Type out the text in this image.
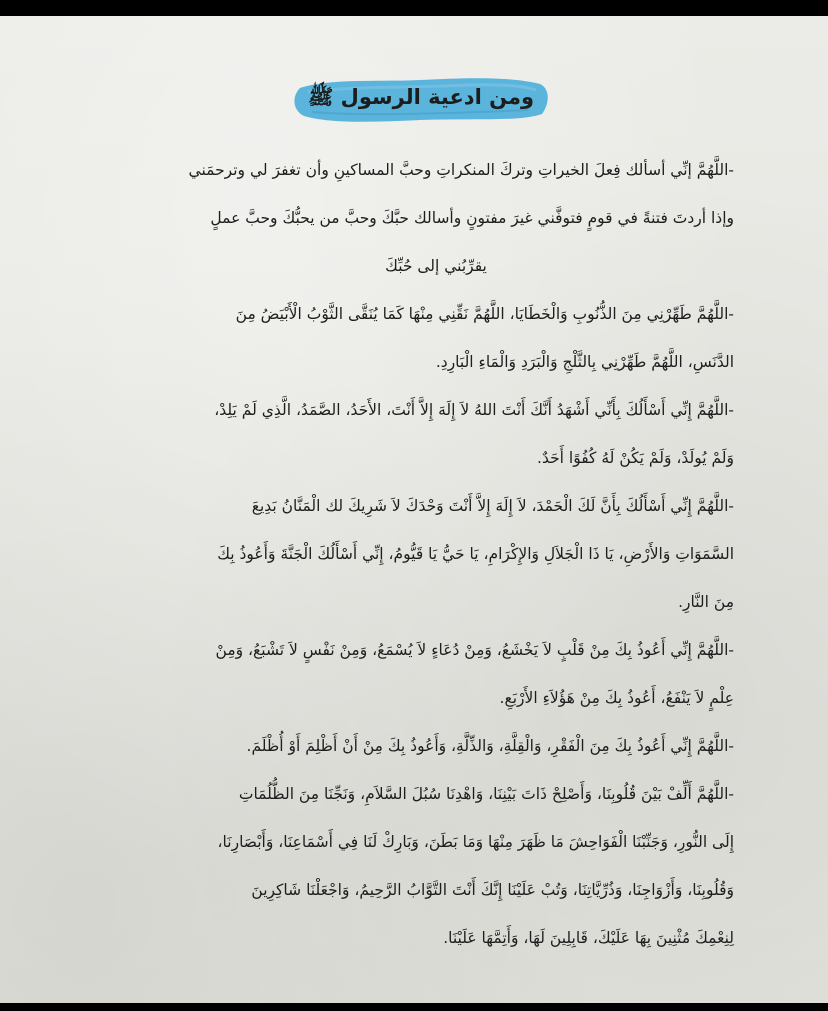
ومن ادعية الرسول ﷺ
-اللَّهُمَّ إنِّي أسألك فِعلَ الخيراتِ وتركَ المنكراتِ وحبَّ المساكينِ وأن تغفرَ لي وترحمَني
وإذا أردتَ فتنةً في قومٍ فتوفَّني غيرَ مفتونٍ وأسالك حبَّكَ وحبَّ من يحبُّكَ وحبَّ عملٍ
يقرِّبُني إلى حُبِّكَ
-اللَّهُمَّ طَهِّرْنِي مِنَ الذُّنُوبِ وَالْخَطَايَا، اللَّهُمَّ نَقِّنِي مِنْهَا كَمَا يُنَقَّى الثَّوْبُ الْأَبْيَضُ مِنَ
الدَّنَسِ، اللَّهُمَّ طَهِّرْنِي بِالثَّلْجِ وَالْبَرَدِ وَالْمَاءِ الْبَارِدِ.
-اللَّهُمَّ إِنِّي أَسْأَلُكَ بِأَنِّي أَشْهَدُ أَنَّكَ أَنْتَ اللهُ لاَ إِلَهَ إِلاَّ أَنْتَ، الأَحَدُ، الصَّمَدُ، الَّذِي لَمْ يَلِدْ،
وَلَمْ يُولَدْ، وَلَمْ يَكُنْ لَهُ كُفُوًا أَحَدٌ.
-اللَّهُمَّ إِنِّي أَسْأَلُكَ بِأَنَّ لَكَ الْحَمْدَ، لاَ إِلَهَ إِلاَّ أَنْتَ وَحْدَكَ لاَ شَرِيكَ لك الْمَنَّانُ بَدِيعَ
السَّمَوَاتِ وَالأَرْضِ، يَا ذَا الْجَلاَلِ وَالإِكْرَامِ، يَا حَيُّ يَا قَيُّومُ، إِنِّي أَسْأَلُكَ الْجَنَّةَ وَأَعُوذُ بِكَ
مِنَ النَّارِ.
-اللَّهُمَّ إِنِّي أَعُوذُ بِكَ مِنْ قَلْبٍ لاَ يَخْشَعُ، وَمِنْ دُعَاءٍ لاَ يُسْمَعُ، وَمِنْ نَفْسٍ لاَ تَشْبَعُ، وَمِنْ
عِلْمٍ لاَ يَنْفَعُ، أَعُوذُ بِكَ مِنْ هَؤُلاَءِ الأَرْبَعِ.
-اللَّهُمَّ إِنِّي أَعُوذُ بِكَ مِنَ الْفَقْرِ، وَالْقِلَّةِ، وَالذِّلَّةِ، وَأَعُوذُ بِكَ مِنْ أَنْ أَظْلِمَ أَوْ أُظْلَمَ.
-اللَّهُمَّ أَلِّفْ بَيْنَ قُلُوبِنَا، وَأَصْلِحْ ذَاتَ بَيْنِنَا، وَاهْدِنَا سُبُلَ السَّلاَمِ، وَنَجِّنَا مِنَ الظُّلُمَاتِ
إِلَى النُّورِ، وَجَنِّبْنَا الْفَوَاحِشَ مَا ظَهَرَ مِنْهَا وَمَا بَطَنَ، وَبَارِكْ لَنَا فِي أَسْمَاعِنَا، وَأَبْصَارِنَا،
وَقُلُوبِنَا، وَأَزْوَاجِنَا، وَذُرِّيَّاتِنَا، وَتُبْ عَلَيْنَا إِنَّكَ أَنْتَ التَّوَّابُ الرَّحِيمُ، وَاجْعَلْنَا شَاكِرِينَ
لِنِعْمِكَ مُثْنِينَ بِهَا عَلَيْكَ، قَابِلِينَ لَهَا، وَأَتِمَّهَا عَلَيْنَا.
